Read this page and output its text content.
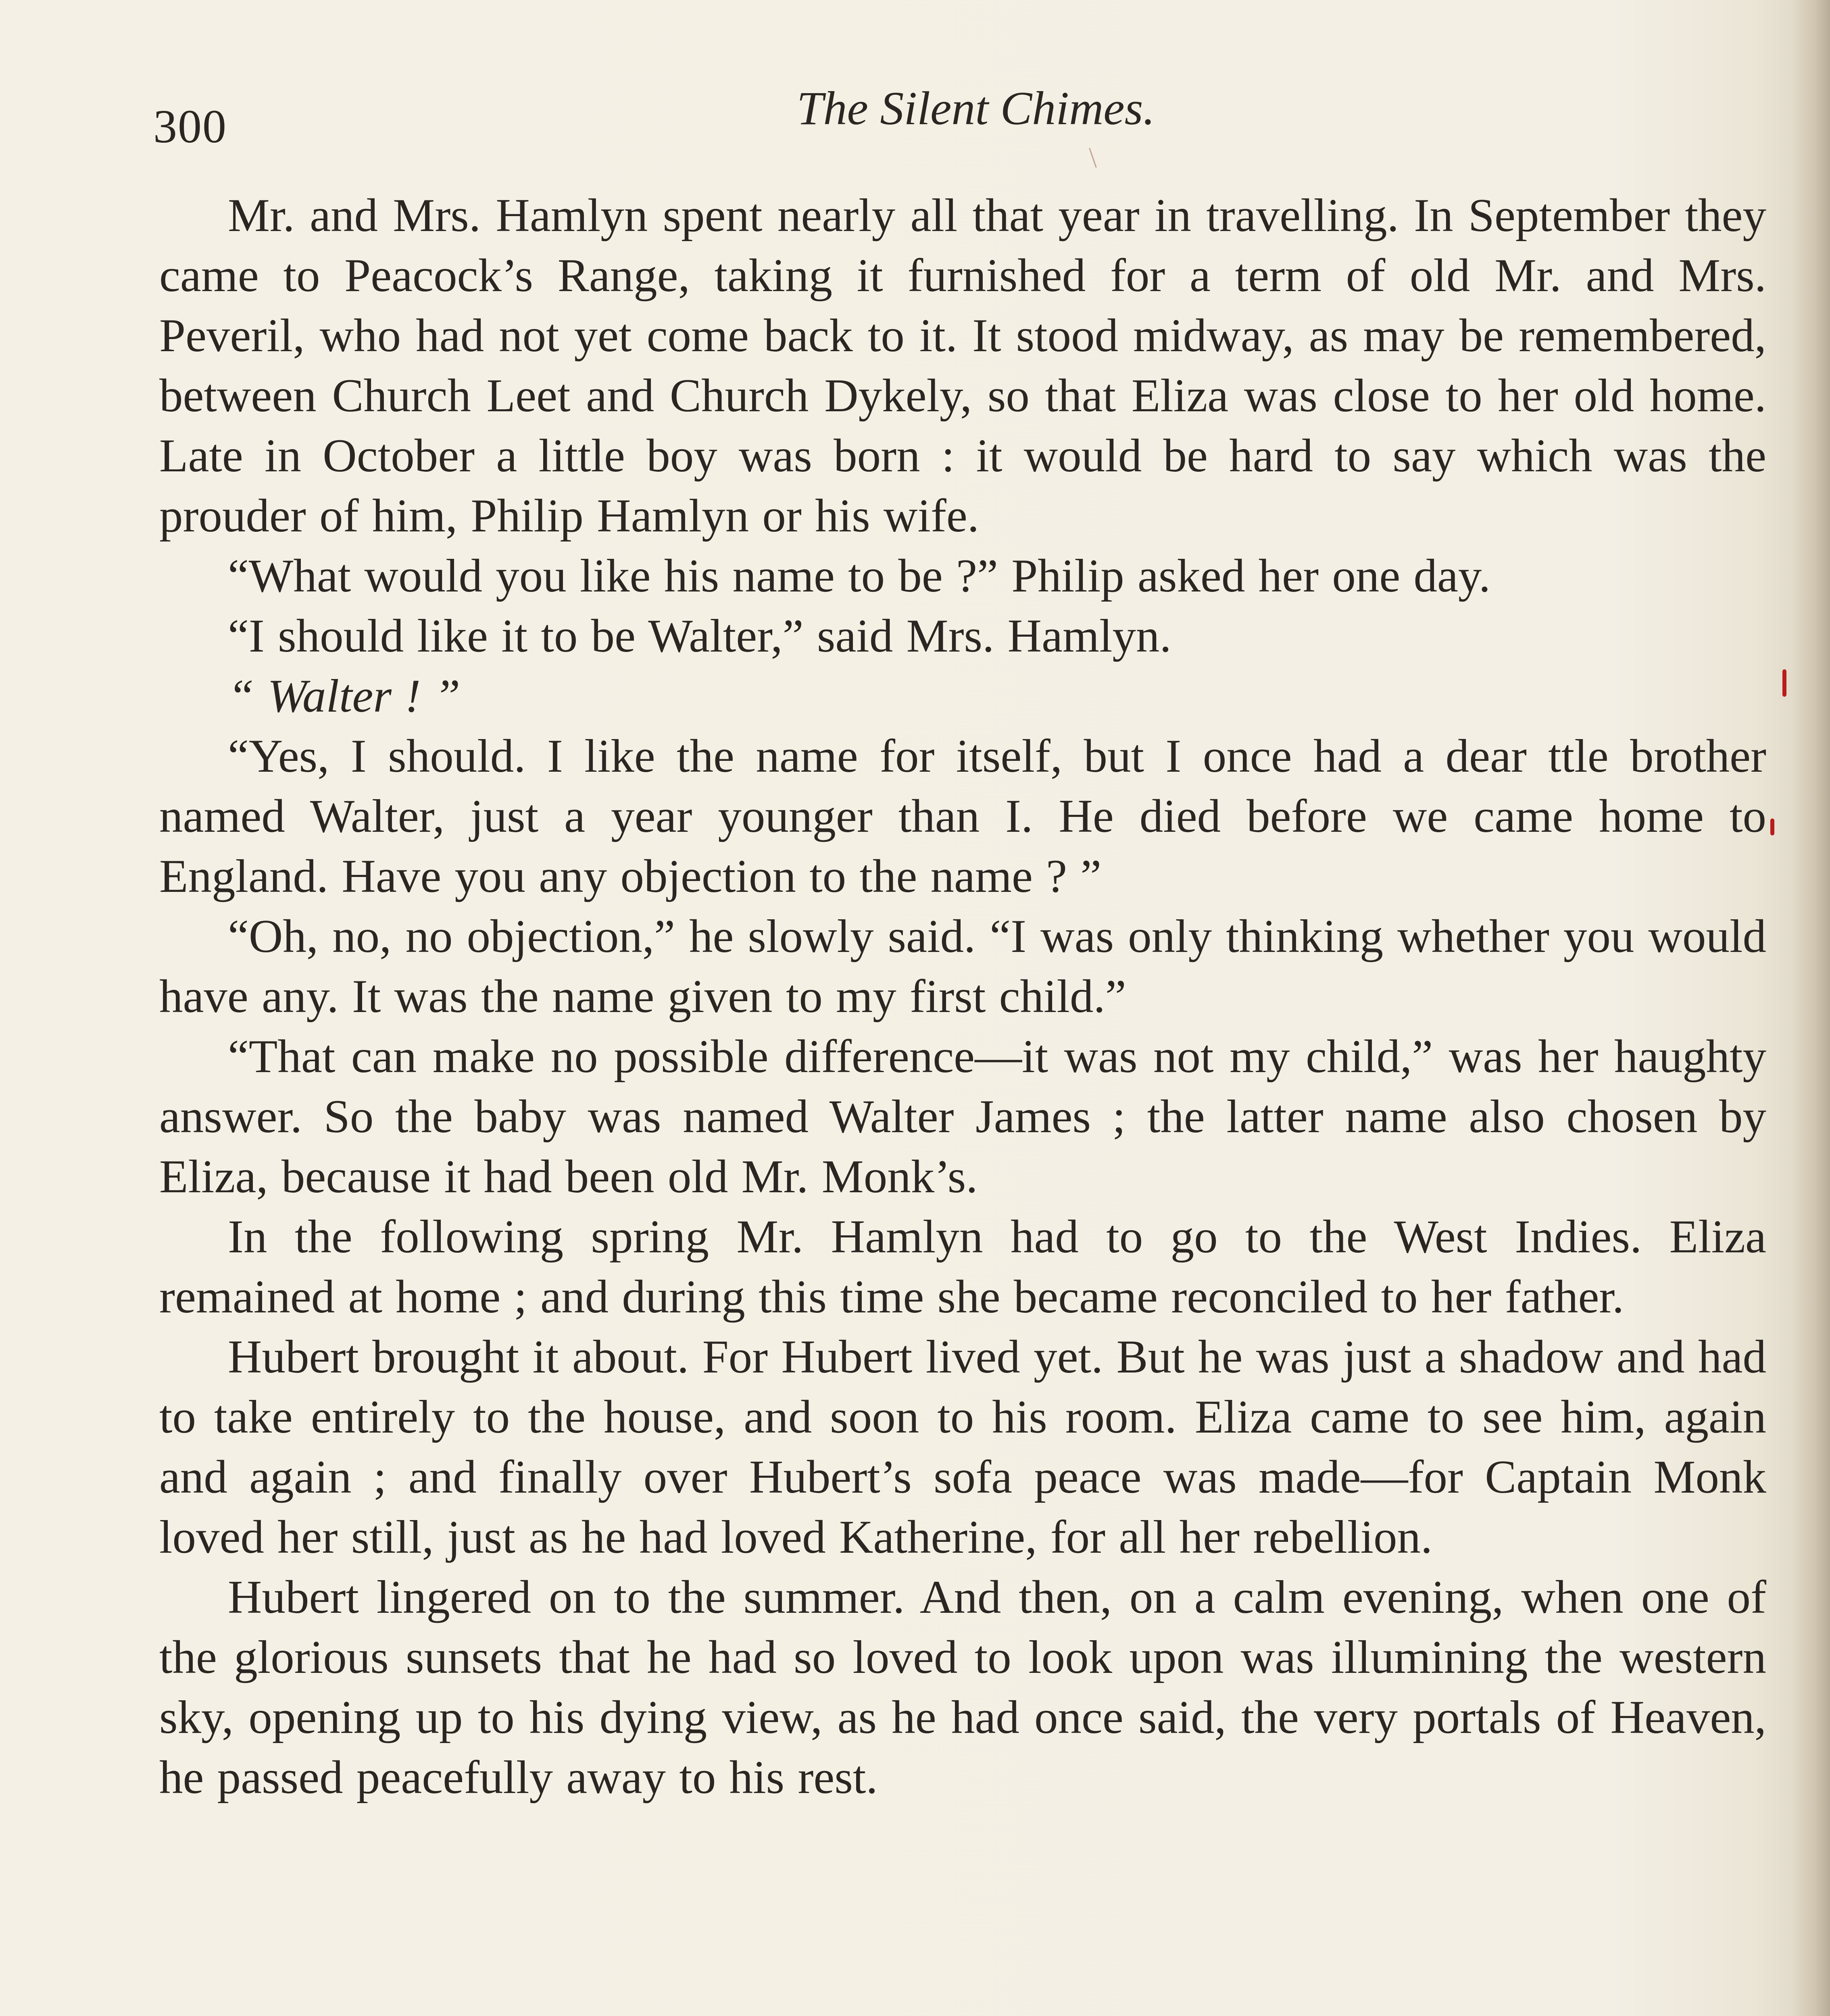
300	The Silent Chimes.

Mr. and Mrs. Hamlyn spent nearly all that year in travelling. In September they came to Peacock’s Range, taking it furnished for a term of old Mr. and Mrs. Peveril, who had not yet come back to it. It stood midway, as may be remembered, between Church Leet and Church Dykely, so that Eliza was close to her old home. Late in October a little boy was born : it would be hard to say which was the prouder of him, Philip Hamlyn or his wife.

“What would you like his name to be ?” Philip asked her one day.

“I should like it to be Walter,” said Mrs. Hamlyn.

“ Walter ! ”

“Yes, I should. I like the name for itself, but I once had a dear ttle brother named Walter, just a year younger than I. He died before we came home to England. Have you any objection to the name ? ”

“Oh, no, no objection,” he slowly said. “I was only thinking whether you would have any. It was the name given to my first child.”

“That can make no possible difference—it was not my child,” was her haughty answer. So the baby was named Walter James ; the latter name also chosen by Eliza, because it had been old Mr. Monk’s.

In the following spring Mr. Hamlyn had to go to the West Indies. Eliza remained at home ; and during this time she became reconciled to her father.

Hubert brought it about. For Hubert lived yet. But he was just a shadow and had to take entirely to the house, and soon to his room. Eliza came to see him, again and again ; and finally over Hubert’s sofa peace was made—for Captain Monk loved her still, just as he had loved Katherine, for all her rebellion.

Hubert lingered on to the summer. And then, on a calm evening, when one of the glorious sunsets that he had so loved to look upon was illumining the western sky, opening up to his dying view, as he had once said, the very portals of Heaven, he passed peacefully away to his rest.

\
